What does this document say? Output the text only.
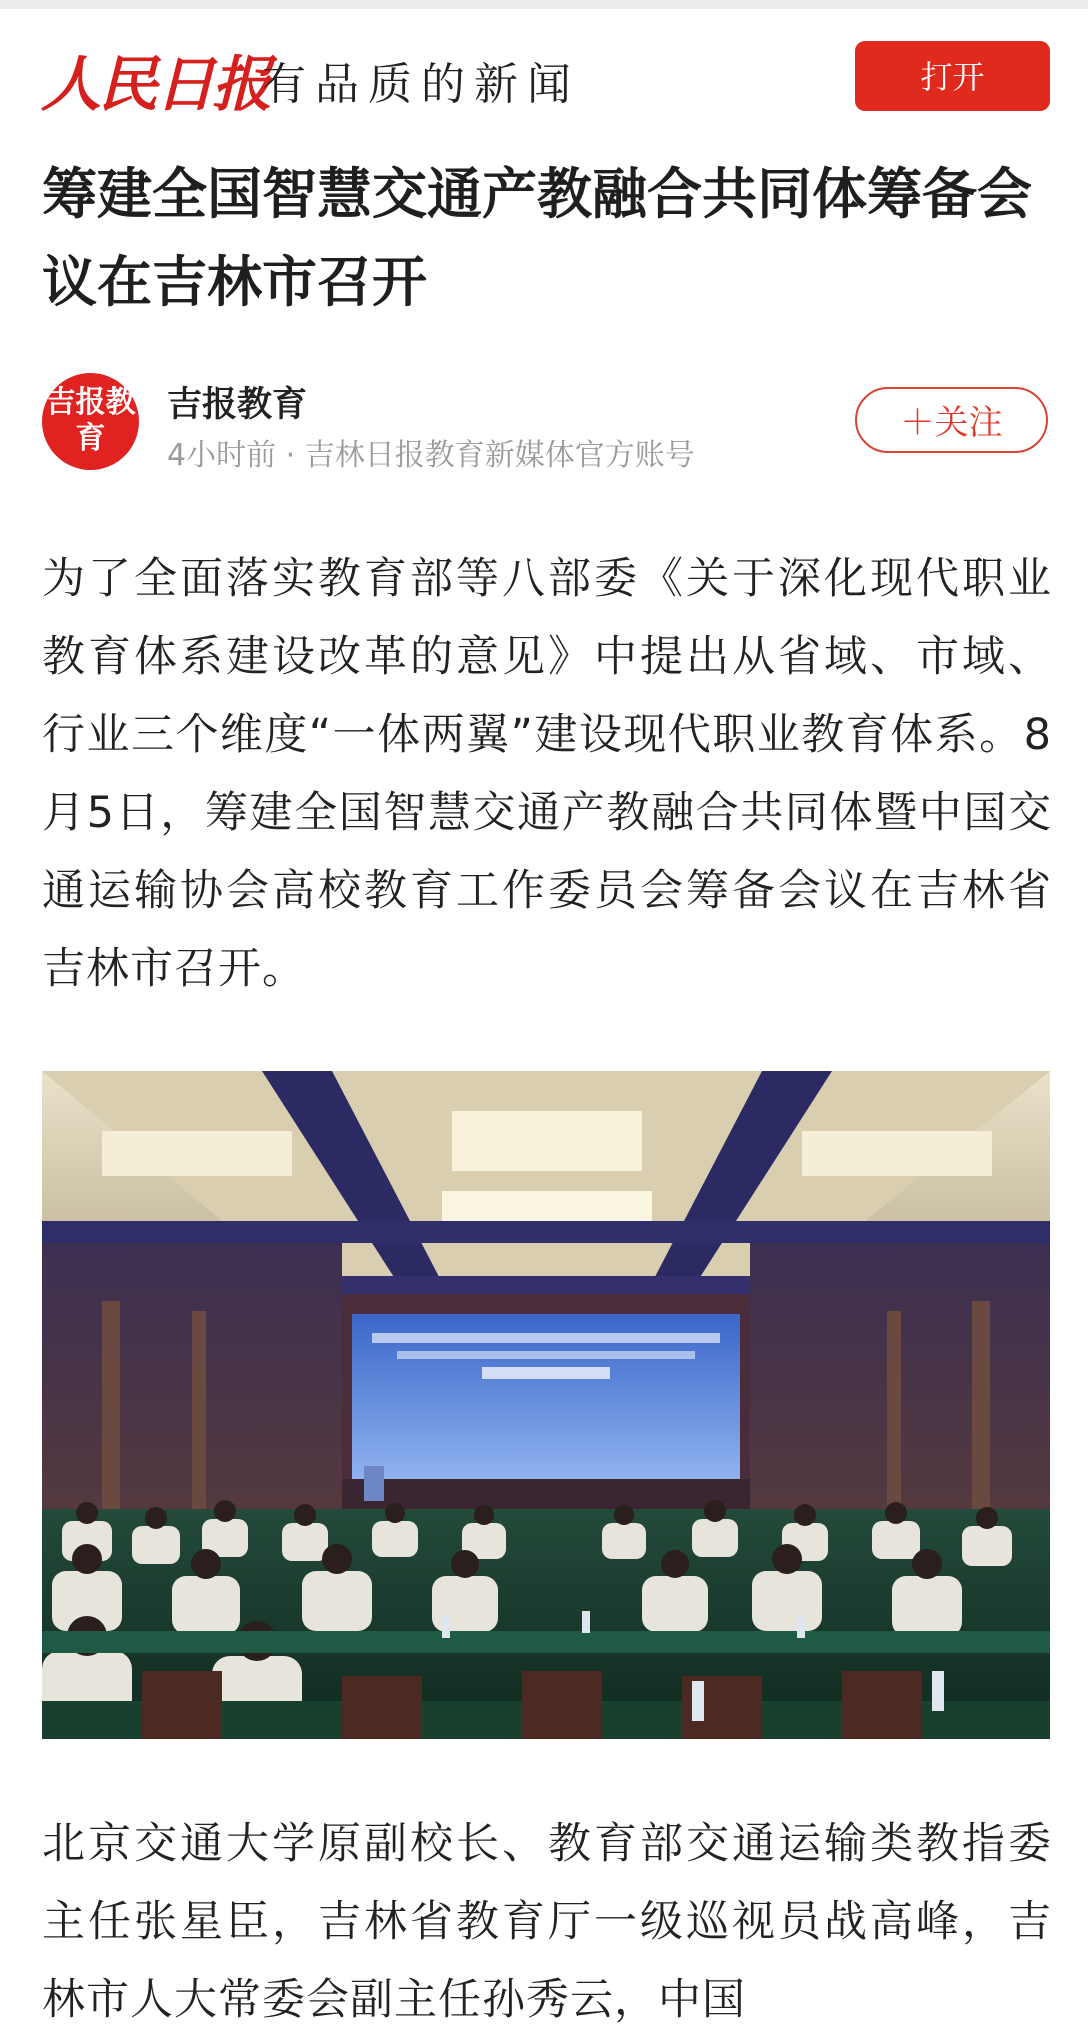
人民日报
有品质的新闻	打开
筹建全国智慧交通产教融合共同体筹备会议在吉林市召开
吉报教育
吉报教育
4小时前 · 吉林日报教育新媒体官方账号
＋关注

为了全面落实教育部等八部委《关于深化现代职业教育体系建设改革的意见》中提出从省域、市域、行业三个维度“一体两翼”建设现代职业教育体系。8月5日，筹建全国智慧交通产教融合共同体暨中国交通运输协会高校教育工作委员会筹备会议在吉林省吉林市召开。

北京交通大学原副校长、教育部交通运输类教指委主任张星臣，吉林省教育厅一级巡视员战高峰，吉林市人大常委会副主任孙秀云，中国
